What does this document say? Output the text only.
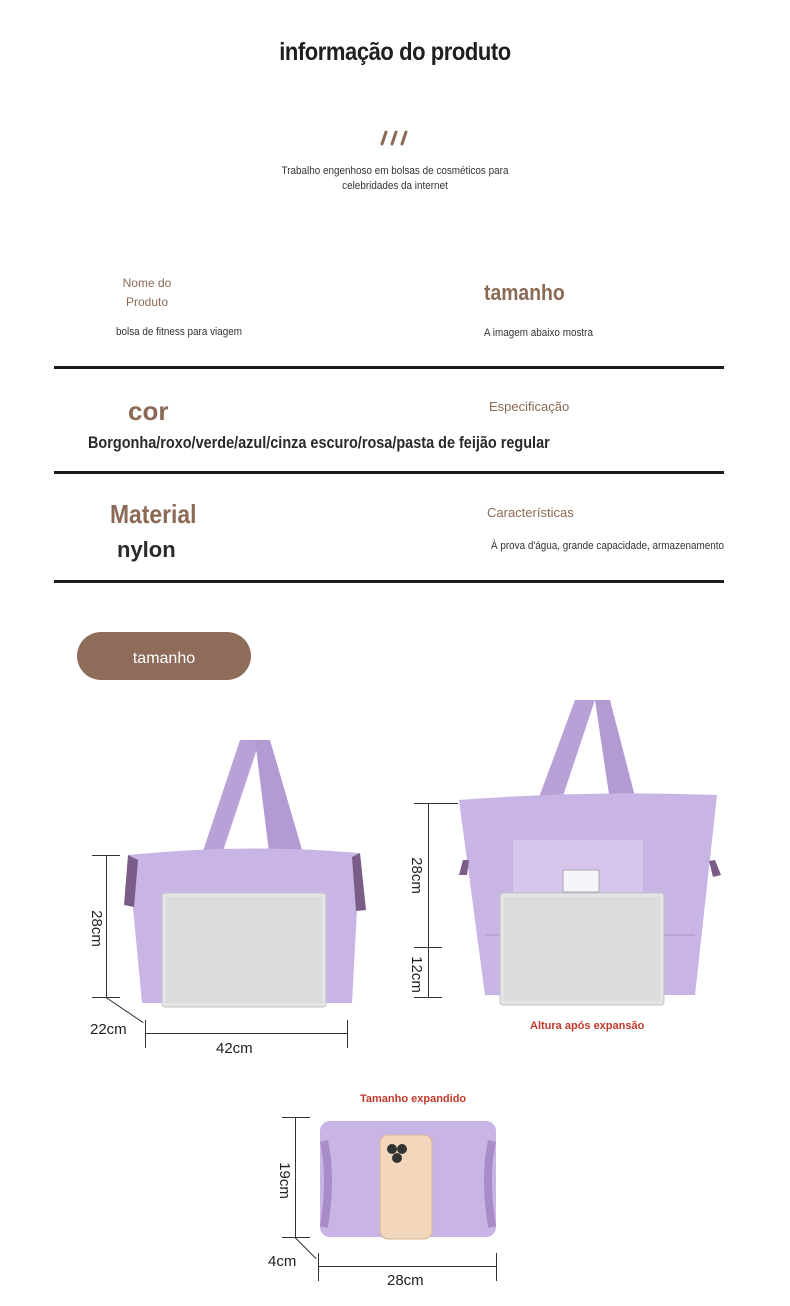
informação do produto
Trabalho engenhoso em bolsas de cosméticos para celebridades da internet
Nome do Produto
bolsa de fitness para viagem
tamanho
A imagem abaixo mostra
cor	Especificação
Borgonha/roxo/verde/azul/cinza escuro/rosa/pasta de feijão regular
Material
nylon
Características
À prova d'água, grande capacidade, armazenamento
tamanho
28cm
22cm
42cm
28cm
12cm
Altura após expansão
Tamanho expandido
19cm
4cm
28cm
